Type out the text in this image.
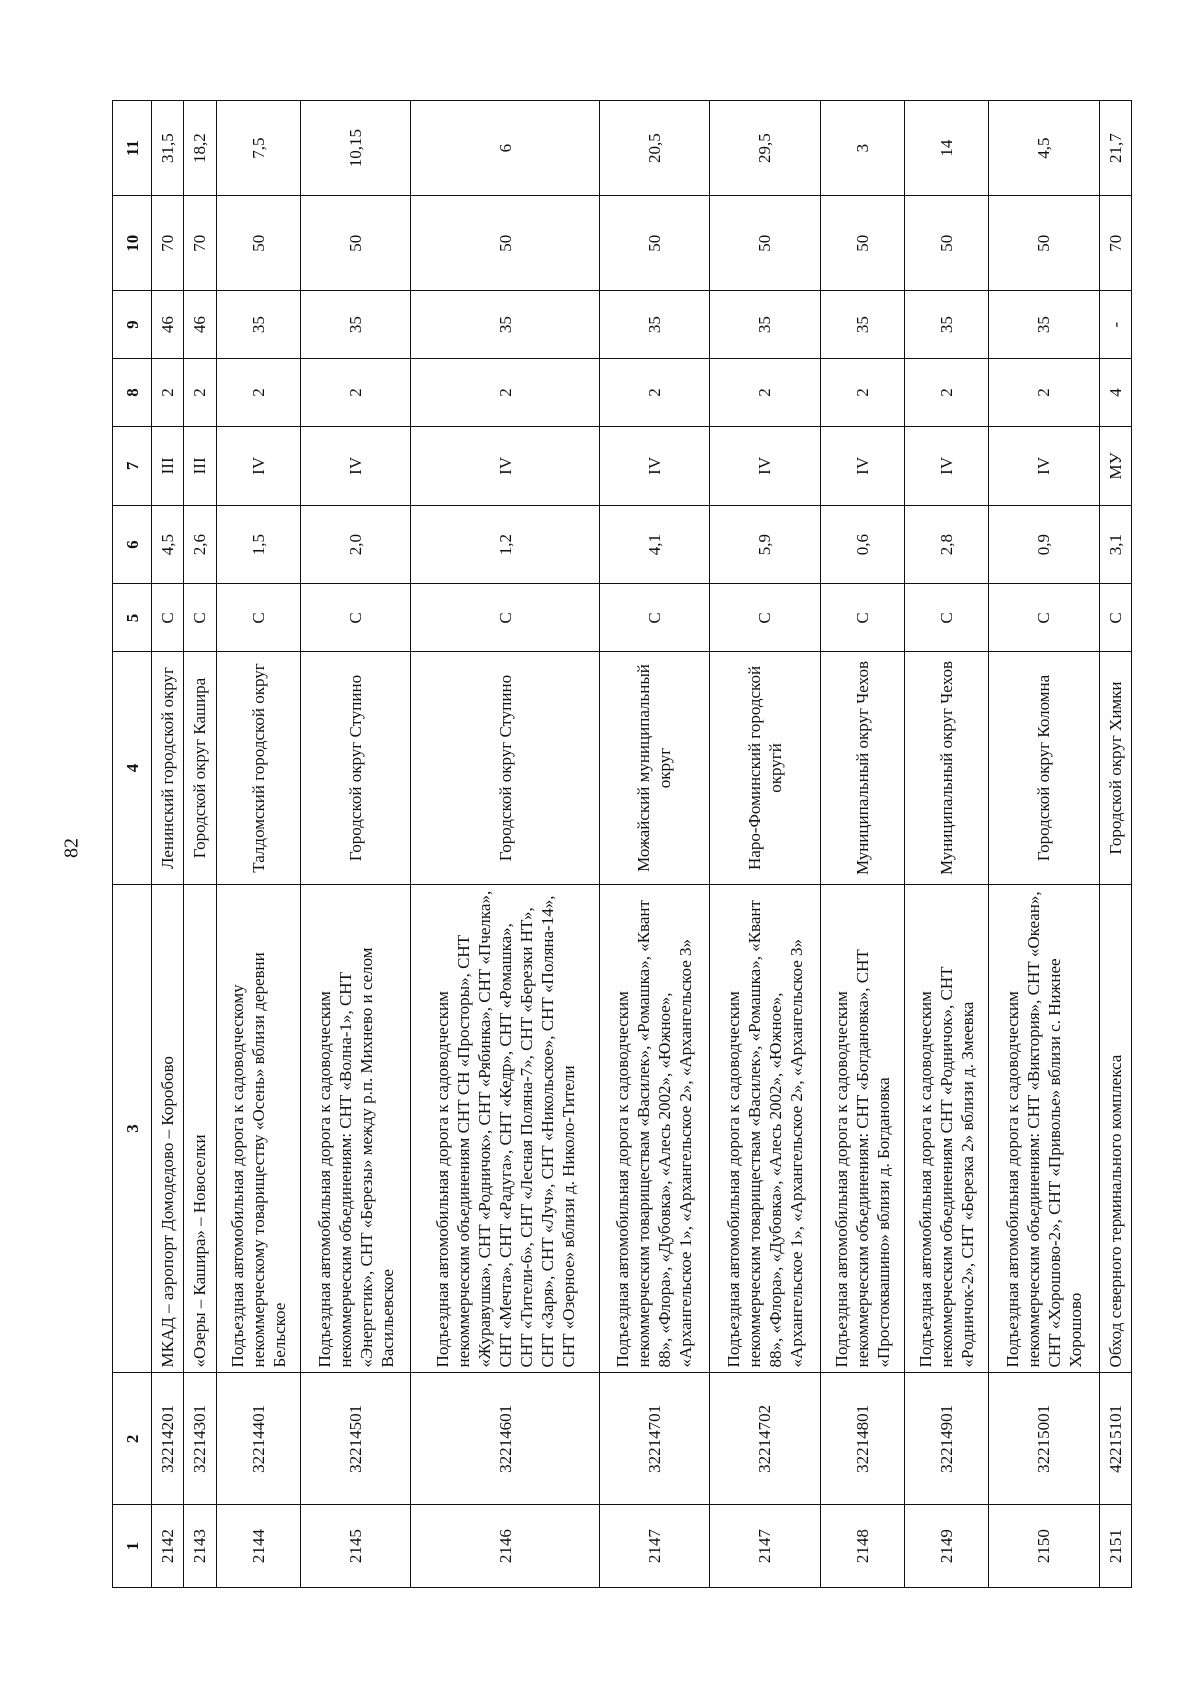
82
1	2	3	4	5	6	7	8	9	10	11
2142	32214201	МКАД – аэропорт Домодедово – Коробово	Ленинский городской округ	С	4,5	III	2	46	70	31,5
2143	32214301	«Озеры – Кашира» – Новоселки	Городской округ Кашира	С	2,6	III	2	46	70	18,2
2144	32214401	Подъездная автомобильная дорога к садоводческому некоммерческому товариществу «Осень» вблизи деревни Бельское	Талдомский городской округ	С	1,5	IV	2	35	50	7,5
2145	32214501	Подъездная автомобильная дорога к садоводческим некоммерческим объединениям: СНТ «Волна-1», СНТ «Энергетик», СНТ «Березы» между р.п. Михнево и селом Васильевское	Городской округ Ступино	С	2,0	IV	2	35	50	10,15
2146	32214601	Подъездная автомобильная дорога к садоводческим некоммерческим объединениям СНТ СН «Просторы», СНТ «Журавушка», СНТ «Родничок», СНТ «Рябинка», СНТ «Пчелка», СНТ «Мечта», СНТ «Радуга», СНТ «Кедр», СНТ «Ромашка», СНТ «Тители-6», СНТ «Лесная Поляна-7», СНТ «Березки НТ», СНТ «Заря», СНТ «Луч», СНТ «Никольское», СНТ «Поляна-14», СНТ «Озерное» вблизи д. Николо-Тители	Городской округ Ступино	С	1,2	IV	2	35	50	6
2147	32214701	Подъездная автомобильная дорога к садоводческим некоммерческим товариществам «Василек», «Ромашка», «Квант 88», «Флора», «Дубовка», «Алесь 2002», «Южное», «Архангельское 1», «Архангельское 2», «Архангельское 3»	Можайский муниципальный округ	С	4,1	IV	2	35	50	20,5
2147	32214702	Подъездная автомобильная дорога к садоводческим некоммерческим товариществам «Василек», «Ромашка», «Квант 88», «Флора», «Дубовка», «Алесь 2002», «Южное», «Архангельское 1», «Архангельское 2», «Архангельское 3»	Наро-Фоминский городской округй	С	5,9	IV	2	35	50	29,5
2148	32214801	Подъездная автомобильная дорога к садоводческим некоммерческим объединениям: СНТ «Богдановка», СНТ «Простоквашино» вблизи д. Богдановка	Муниципальный округ Чехов	С	0,6	IV	2	35	50	3
2149	32214901	Подъездная автомобильная дорога к садоводческим некоммерческим объединениям СНТ «Родничок», СНТ «Родничок-2», СНТ «Березка 2» вблизи д. Змеевка	Муниципальный округ Чехов	С	2,8	IV	2	35	50	14
2150	32215001	Подъездная автомобильная дорога к садоводческим некоммерческим объединениям: СНТ «Виктория», СНТ «Океан», СНТ «Хорошово-2», СНТ «Приволье» вблизи с. Нижнее Хорошово	Городской округ Коломна	С	0,9	IV	2	35	50	4,5
2151	42215101	Обход северного терминального комплекса	Городской округ Химки	С	3,1	МУ	4	-	70	21,7
